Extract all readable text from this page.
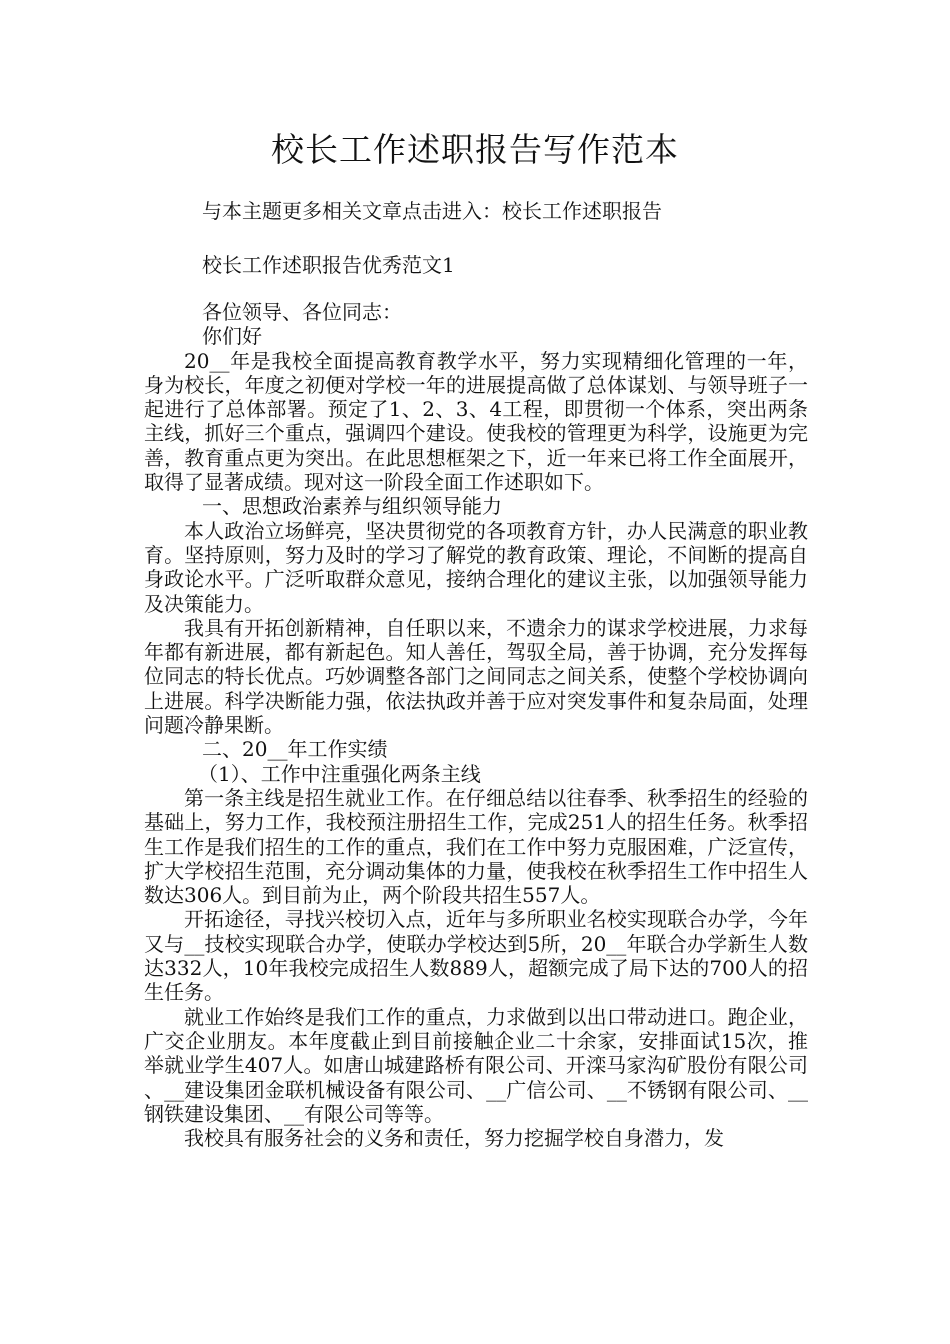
校长工作述职报告写作范本

与本主题更多相关文章点击进入：校长工作述职报告

校长工作述职报告优秀范文1

各位领导、各位同志：

你们好

20__年是我校全面提高教育教学水平，努力实现精细化管理的一年，身为校长，年度之初便对学校一年的进展提高做了总体谋划、与领导班子一起进行了总体部署。预定了1、2、3、4工程，即贯彻一个体系，突出两条主线，抓好三个重点，强调四个建设。使我校的管理更为科学，设施更为完善，教育重点更为突出。在此思想框架之下，近一年来已将工作全面展开，取得了显著成绩。现对这一阶段全面工作述职如下。

一、思想政治素养与组织领导能力

本人政治立场鲜亮，坚决贯彻党的各项教育方针，办人民满意的职业教育。坚持原则，努力及时的学习了解党的教育政策、理论，不间断的提高自身政论水平。广泛听取群众意见，接纳合理化的建议主张，以加强领导能力及决策能力。

我具有开拓创新精神，自任职以来，不遗余力的谋求学校进展，力求每年都有新进展，都有新起色。知人善任，驾驭全局，善于协调，充分发挥每位同志的特长优点。巧妙调整各部门之间同志之间关系，使整个学校协调向上进展。科学决断能力强，依法执政并善于应对突发事件和复杂局面，处理问题冷静果断。

二、20__年工作实绩

（1）、工作中注重强化两条主线

第一条主线是招生就业工作。在仔细总结以往春季、秋季招生的经验的基础上，努力工作，我校预注册招生工作，完成251人的招生任务。秋季招生工作是我们招生的工作的重点，我们在工作中努力克服困难，广泛宣传，扩大学校招生范围，充分调动集体的力量，使我校在秋季招生工作中招生人数达306人。到目前为止，两个阶段共招生557人。

开拓途径，寻找兴校切入点，近年与多所职业名校实现联合办学，今年又与__技校实现联合办学，使联办学校达到5所，20__年联合办学新生人数达332人，10年我校完成招生人数889人，超额完成了局下达的700人的招生任务。

就业工作始终是我们工作的重点，力求做到以出口带动进口。跑企业，广交企业朋友。本年度截止到目前接触企业二十余家，安排面试15次，推举就业学生407人。如唐山城建路桥有限公司、开滦马家沟矿股份有限公司、__建设集团金联机械设备有限公司、__广信公司、__不锈钢有限公司、__钢铁建设集团、__有限公司等等。

我校具有服务社会的义务和责任，努力挖掘学校自身潜力，发
